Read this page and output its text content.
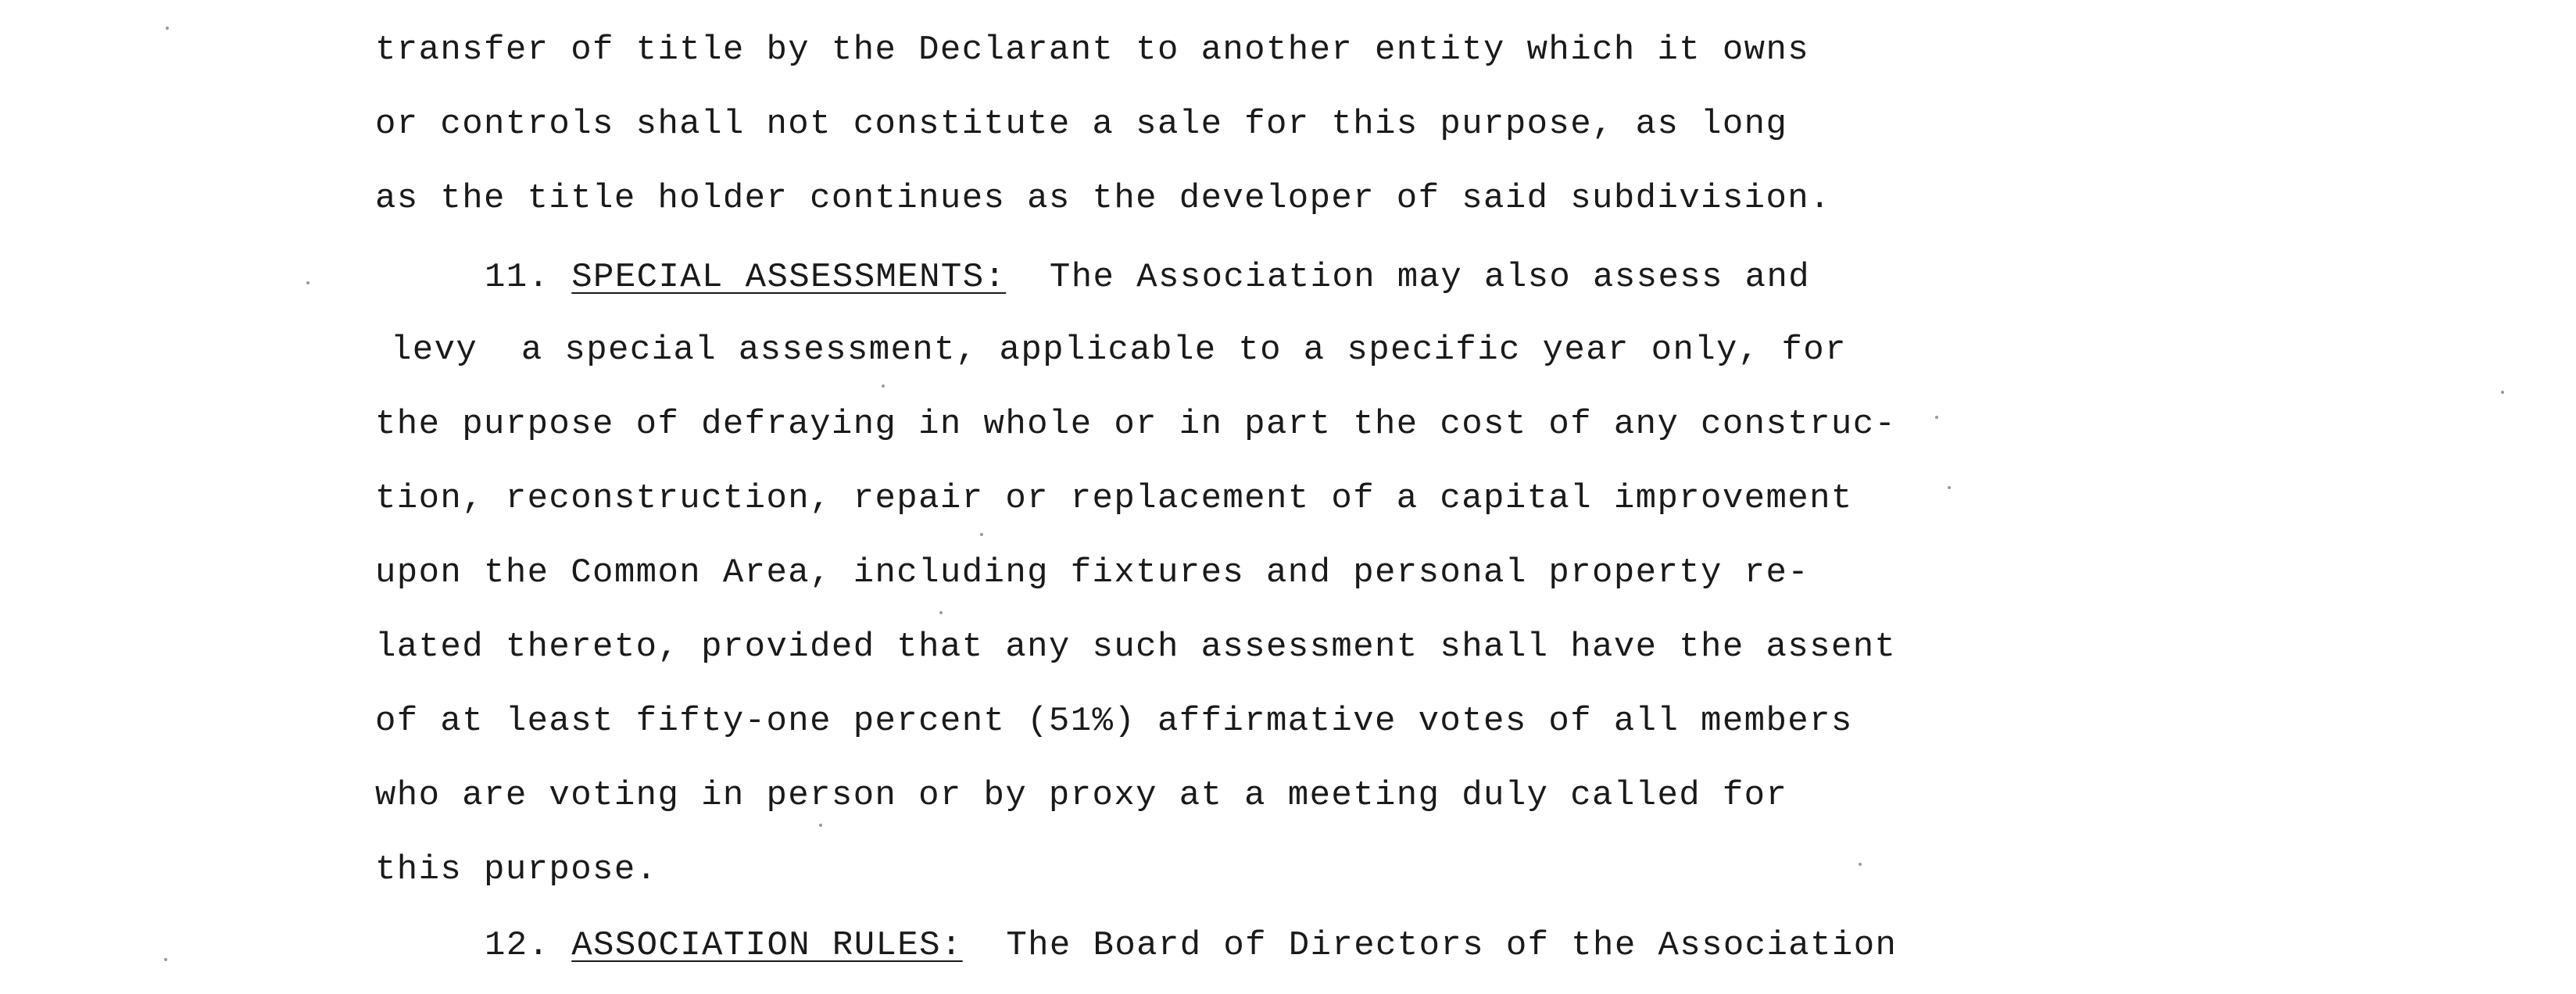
transfer of title by the Declarant to another entity which it owns
or controls shall not constitute a sale for this purpose, as long
as the title holder continues as the developer of said subdivision.
11. SPECIAL ASSESSMENTS:  The Association may also assess and
levy  a special assessment, applicable to a specific year only, for
the purpose of defraying in whole or in part the cost of any construc-
tion, reconstruction, repair or replacement of a capital improvement
upon the Common Area, including fixtures and personal property re-
lated thereto, provided that any such assessment shall have the assent
of at least fifty-one percent (51%) affirmative votes of all members
who are voting in person or by proxy at a meeting duly called for
this purpose.
12. ASSOCIATION RULES:  The Board of Directors of the Association
